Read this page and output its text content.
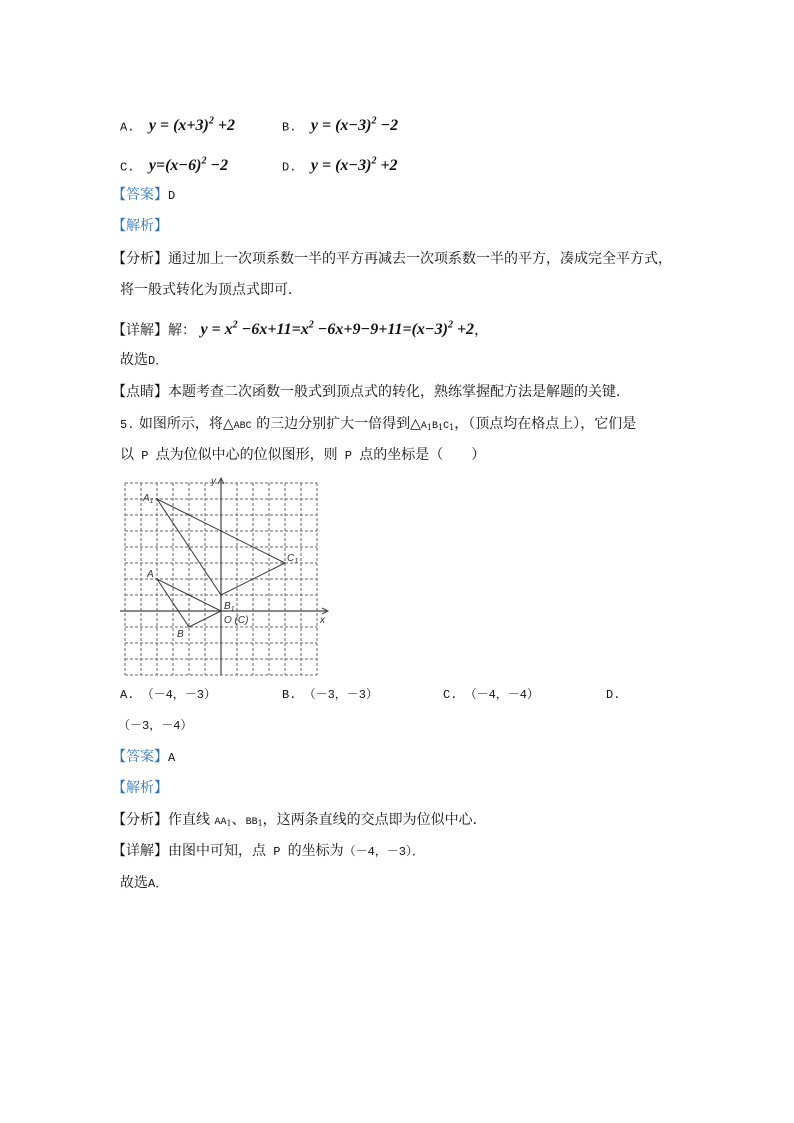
A. $y = (x+3)^2 +2$	B. $y = (x-3)^2 -2$
C. $y=(x-6)^2 -2$	D. $y = (x-3)^2 +2$
【答案】D
【解析】
【分析】通过加上一次项系数一半的平方再减去一次项系数一半的平方，凑成完全平方式，
将一般式转化为顶点式即可．
【详解】解： $y = x^2 -6x+11=x^2 -6x+9-9+11=(x-3)^2 +2$，
故选D．
【点睛】本题考查二次函数一般式到顶点式的转化，熟练掌握配方法是解题的关键．
5. 如图所示，将△ABC 的三边分别扩大一倍得到$\triangle A_1B_1C_1$，（顶点均在格点上），它们是
以 P 点为位似中心的位似图形，则 P 点的坐标是（　　）
$A_1$
$C_1$
$B_1$
A
B
O (C)	x
y
A. （－4，－3）	B. （－3，－3）	C. （－4，－4）	D.
（－3，－4）
【答案】A
【解析】
【分析】作直线 $AA_1$、$BB_1$，这两条直线的交点即为位似中心．
【详解】由图中可知，点 P 的坐标为（－4，－3）．
故选A．
